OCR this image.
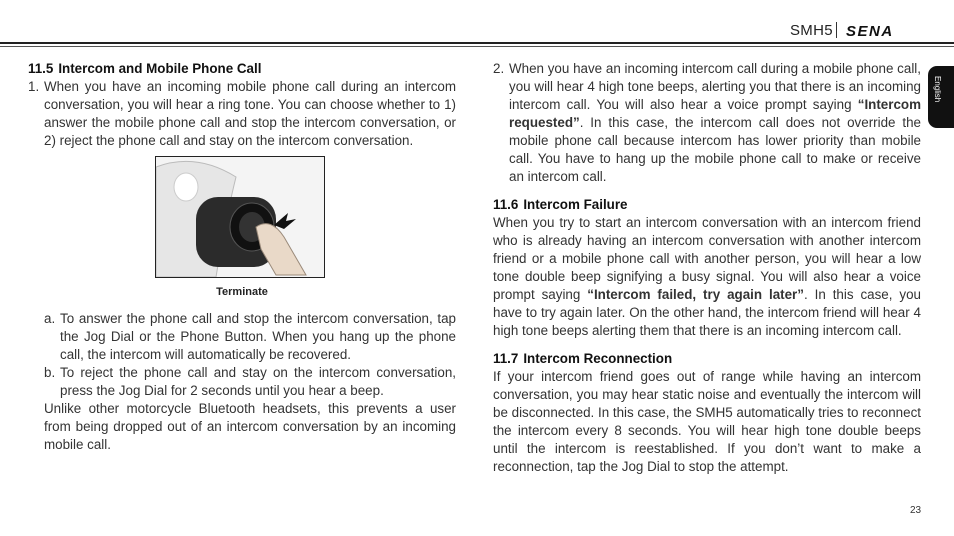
SMH5 SENA
English
11.5 Intercom and Mobile Phone Call
1. When you have an incoming mobile phone call during an intercom conversation, you will hear a ring tone. You can choose whether to 1) answer the mobile phone call and stop the intercom conversation, or 2) reject the phone call and stay on the intercom conversation.

Terminate

a. To answer the phone call and stop the intercom conversation, tap the Jog Dial or the Phone Button. When you hang up the phone call, the intercom will automatically be recovered.

b. To reject the phone call and stay on the intercom conversation, press the Jog Dial for 2 seconds until you hear a beep.

Unlike other motorcycle Bluetooth headsets, this prevents a user from being dropped out of an intercom conversation by an incoming mobile call.

2. When you have an incoming intercom call during a mobile phone call, you will hear 4 high tone beeps, alerting you that there is an incoming intercom call. You will also hear a voice prompt saying “Intercom requested”. In this case, the intercom call does not override the mobile phone call because intercom has lower priority than mobile call. You have to hang up the mobile phone call to make or receive an intercom call.

11.6 Intercom Failure

When you try to start an intercom conversation with an intercom friend who is already having an intercom conversation with another intercom friend or a mobile phone call with another person, you will hear a low tone double beep signifying a busy signal. You will also hear a voice prompt saying “Intercom failed, try again later”. In this case, you have to try again later. On the other hand, the intercom friend will hear 4 high tone beeps alerting them that there is an incoming intercom call.

11.7 Intercom Reconnection

If your intercom friend goes out of range while having an intercom conversation, you may hear static noise and eventually the intercom will be disconnected. In this case, the SMH5 automatically tries to reconnect the intercom every 8 seconds. You will hear high tone double beeps until the intercom is reestablished. If you don’t want to make a reconnection, tap the Jog Dial to stop the attempt.

23
